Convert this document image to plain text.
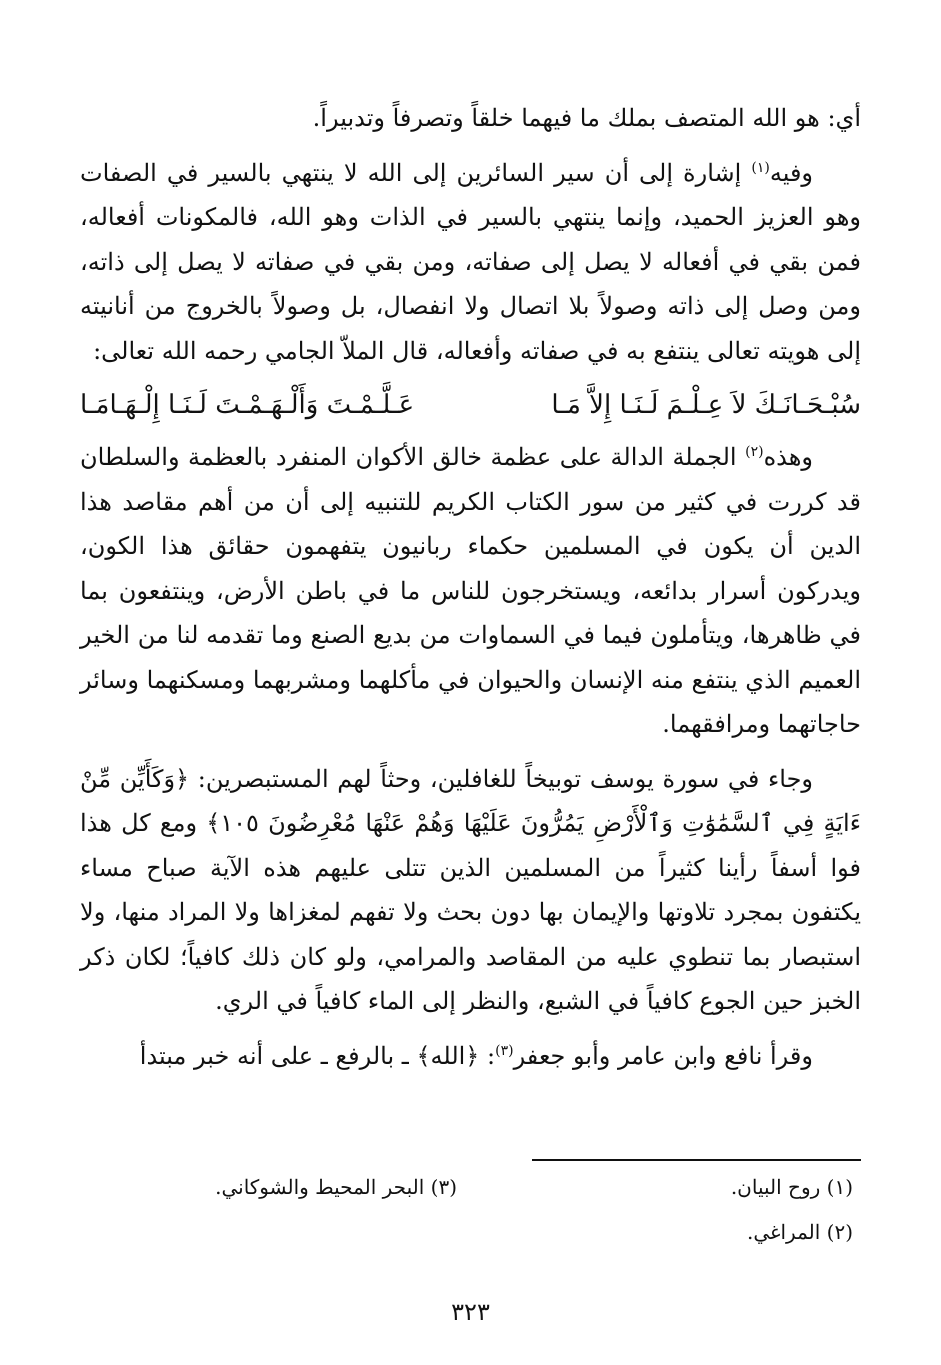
أي: هو الله المتصف بملك ما فيهما خلقاً وتصرفاً وتدبيراً.

وفيه$^{(١)}$ إشارة إلى أن سير السائرين إلى الله لا ينتهي بالسير في الصفات وهو العزيز الحميد، وإنما ينتهي بالسير في الذات وهو الله، فالمكونات أفعاله، فمن بقي في أفعاله لا يصل إلى صفاته، ومن بقي في صفاته لا يصل إلى ذاته، ومن وصل إلى ذاته وصولاً بلا اتصال ولا انفصال، بل وصولاً بالخروج من أنانيته إلى هويته تعالى ينتفع به في صفاته وأفعاله، قال الملاّ الجامي رحمه الله تعالى:

سُبْـحَـانَـكَ لاَ عِـلْـمَ لَـنَـا إِلاَّ مَـا
عَـلَّـمْـتَ وَأَلْـهَـمْـتَ لَـنَـا إِلْـهَـامَـا

وهذه$^{(٢)}$ الجملة الدالة على عظمة خالق الأكوان المنفرد بالعظمة والسلطان قد كررت في كثير من سور الكتاب الكريم للتنبيه إلى أن من أهم مقاصد هذا الدين أن يكون في المسلمين حكماء ربانيون يتفهمون حقائق هذا الكون، ويدركون أسرار بدائعه، ويستخرجون للناس ما في باطن الأرض، وينتفعون بما في ظاهرها، ويتأملون فيما في السماوات من بديع الصنع وما تقدمه لنا من الخير العميم الذي ينتفع منه الإنسان والحيوان في مأكلهما ومشربهما ومسكنهما وسائر حاجاتهما ومرافقهما.

وجاء في سورة يوسف توبيخاً للغافلين، وحثاً لهم المستبصرين: ﴿وَكَأَيِّن مِّنْ ءَايَةٍ فِي ٱلسَّمَٰوَٰتِ وَٱلْأَرْضِ يَمُرُّونَ عَلَيْهَا وَهُمْ عَنْهَا مُعْرِضُونَ ١٠٥﴾ ومع كل هذا فوا أسفاً رأينا كثيراً من المسلمين الذين تتلى عليهم هذه الآية صباح مساء يكتفون بمجرد تلاوتها والإيمان بها دون بحث ولا تفهم لمغزاها ولا المراد منها، ولا استبصار بما تنطوي عليه من المقاصد والمرامي، ولو كان ذلك كافياً؛ لكان ذكر الخبز حين الجوع كافياً في الشبع، والنظر إلى الماء كافياً في الري.

وقرأ نافع وابن عامر وأبو جعفر$^{(٣)}$: ﴿الله﴾ ـ بالرفع ـ على أنه خبر مبتدأ

(١) روح البيان.
(٢) المراغي.
(٣) البحر المحيط والشوكاني.
٣٢٣
